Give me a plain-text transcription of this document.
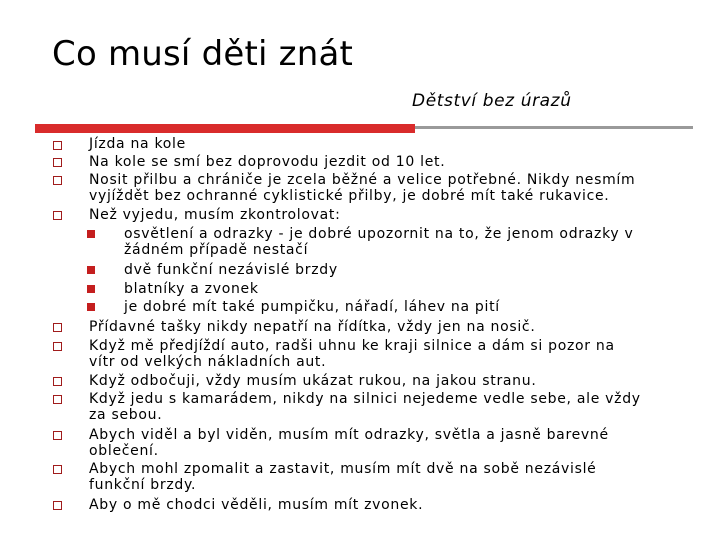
Co musí děti znát
Dětství bez úrazů
Jízda na kole
Na kole se smí bez doprovodu jezdit od 10 let.
Nosit přilbu a chrániče je zcela běžné a velice potřebné. Nikdy nesmím
vyjíždět bez ochranné cyklistické přilby, je dobré mít také rukavice.
Než vyjedu, musím zkontrolovat:
osvětlení a odrazky - je dobré upozornit na to, že jenom odrazky v
žádném případě nestačí
dvě funkční nezávislé brzdy
blatníky a zvonek
je dobré mít také pumpičku, nářadí, láhev na pití
Přídavné tašky nikdy nepatří na řídítka, vždy jen na nosič.
Když mě předjíždí auto, radši uhnu ke kraji silnice a dám si pozor na
vítr od velkých nákladních aut.
Když odbočuji, vždy musím ukázat rukou, na jakou stranu.
Když jedu s kamarádem, nikdy na silnici nejedeme vedle sebe, ale vždy
za sebou.
Abych viděl a byl viděn, musím mít odrazky, světla a jasně barevné
oblečení.
Abych mohl zpomalit a zastavit, musím mít dvě na sobě nezávislé
funkční brzdy.
Aby o mě chodci věděli, musím mít zvonek.
